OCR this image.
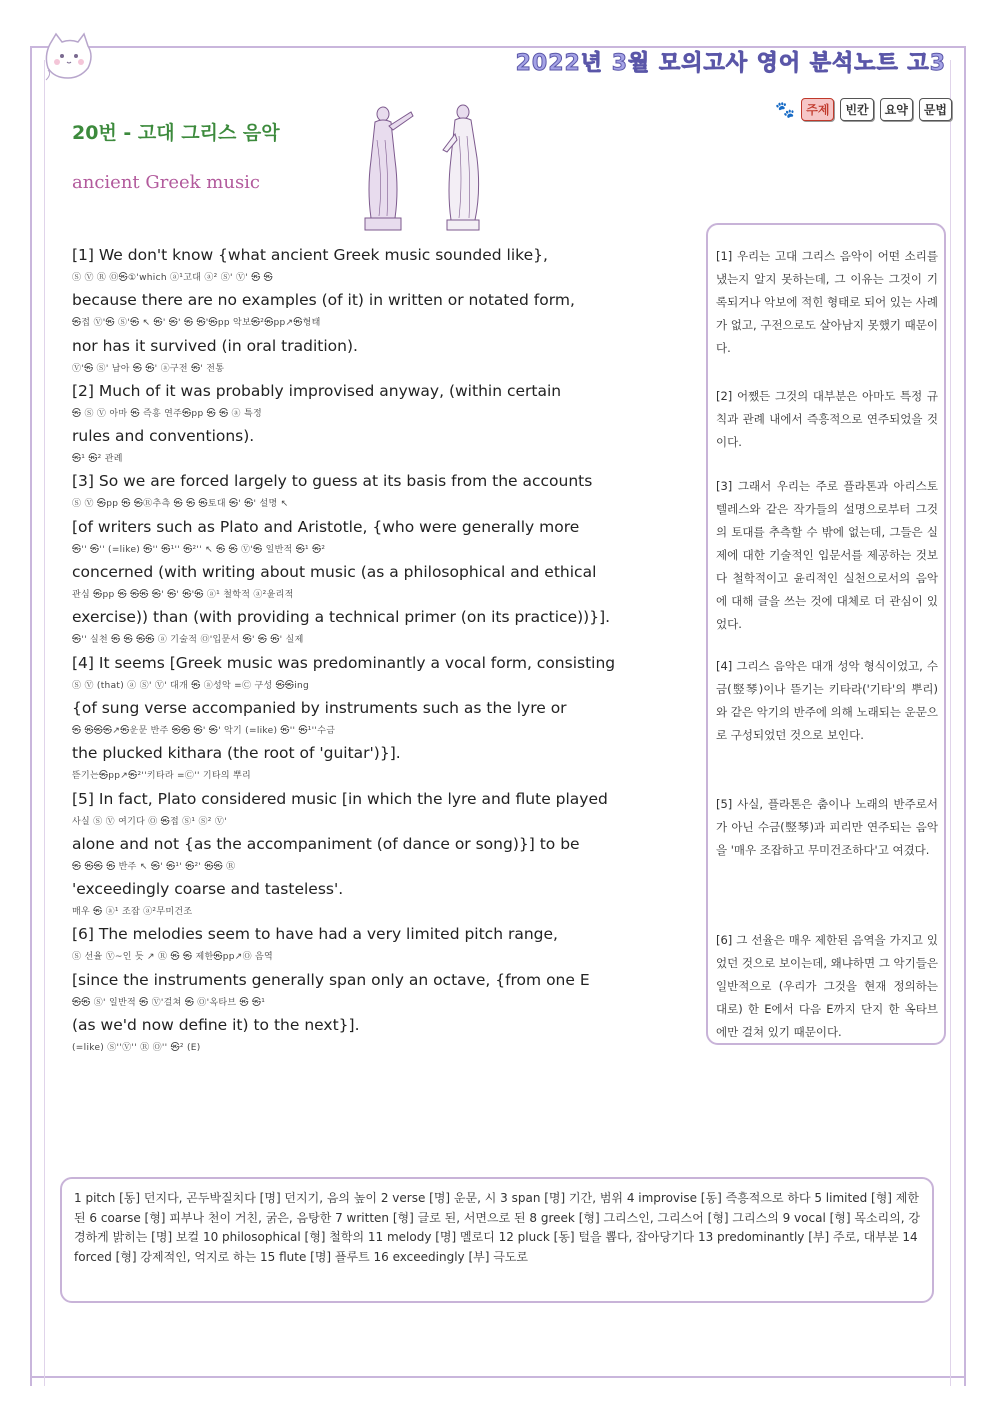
2022년 3월 모의고사 영어 분석노트 고3
🐾 주제	빈칸	요약	문법
20번 - 고대 그리스 음악
ancient Greek music
[1] We don't know {what ancient Greek music sounded like},
Ⓢ Ⓥ Ⓡ Ⓞ㉿①'which ⓐ¹고대 ⓐ² Ⓢ' Ⓥ' ㉿ ㉿
because there are no examples (of it) in written or notated form,
㉿접 Ⓥ'㉿ Ⓢ'㉿ ↖ ㉿' ㉿' ㉿ ㉿'㉿pp 악보㉿²㉿pp↗㉿형태
nor has it survived (in oral tradition).
Ⓥ'㉿ Ⓢ' 남아 ㉿ ㉿' ⓐ구전 ㉿' 전통
[2] Much of it was probably improvised anyway, (within certain
㉿ Ⓢ Ⓥ 아마 ㉿ 즉흥 연주㉿pp ㉿ ㉿ ⓐ 특정
rules and conventions).
㉿¹ ㉿² 관례
[3] So we are forced largely to guess at its basis from the accounts
Ⓢ Ⓥ ㉿pp ㉿ ㉿Ⓡ추측 ㉿ ㉿ ㉿토대 ㉿' ㉿' 설명 ↖
[of writers such as Plato and Aristotle, {who were generally more
㉿'' ㉿'' (=like) ㉿'' ㉿¹'' ㉿²'' ↖ ㉿ ㉿ Ⓥ'㉿ 일반적 ㉿¹ ㉿²
concerned (with writing about music (as a philosophical and ethical
관심 ㉿pp ㉿ ㉿㉿ ㉿' ㉿' ㉿'㉿ ⓐ¹ 철학적 ⓐ²윤리적
exercise)) than (with providing a technical primer (on its practice))}].
㉿'' 실천 ㉿ ㉿ ㉿㉿ ⓐ 기술적 Ⓞ'입문서 ㉿' ㉿ ㉿' 실제
[4] It seems [Greek music was predominantly a vocal form, consisting
Ⓢ Ⓥ (that) ⓐ Ⓢ' Ⓥ' 대개 ㉿ ⓐ성악 =Ⓒ 구성 ㉿㉿ing
{of sung verse accompanied by instruments such as the lyre or
㉿ ㉿㉿㉿↗㉿운문 반주 ㉿㉿ ㉿' ㉿' 악기 (=like) ㉿'' ㉿¹''수금
the plucked kithara (the root of 'guitar')}].
뜯기는㉿pp↗㉿²''키타라 =Ⓒ'' 기타의 뿌리
[5] In fact, Plato considered music [in which the lyre and flute played
사실 Ⓢ Ⓥ 여기다 Ⓞ ㉿접 Ⓢ¹ Ⓢ² Ⓥ'
alone and not {as the accompaniment (of dance or song)}] to be
㉿ ㉿㉿ ㉿ 반주 ↖ ㉿' ㉿¹' ㉿²' ㉿㉿ Ⓡ
'exceedingly coarse and tasteless'.
매우 ㉿ ⓐ¹ 조잡 ⓐ²무미건조
[6] The melodies seem to have had a very limited pitch range,
Ⓢ 선율 Ⓥ~인 듯 ↗ Ⓡ ㉿ ㉿ 제한㉿pp↗Ⓞ 음역
[since the instruments generally span only an octave, {from one E
㉿㉿ Ⓢ' 일반적 ㉿ Ⓥ'걸쳐 ㉿ Ⓞ'옥타브 ㉿ ㉿¹
(as we'd now define it) to the next}].
(=like) Ⓢ''Ⓥ'' Ⓡ Ⓞ'' ㉿² (E)
[1] 우리는 고대 그리스 음악이 어떤 소리를 냈는지 알지 못하는데, 그 이유는 그것이 기록되거나 악보에 적힌 형태로 되어 있는 사례가 없고, 구전으로도 살아남지 못했기 때문이다.
[2] 어쨌든 그것의 대부분은 아마도 특정 규칙과 관례 내에서 즉흥적으로 연주되었을 것이다.
[3] 그래서 우리는 주로 플라톤과 아리스토텔레스와 같은 작가들의 설명으로부터 그것의 토대를 추측할 수 밖에 없는데, 그들은 실제에 대한 기술적인 입문서를 제공하는 것보다 철학적이고 윤리적인 실천으로서의 음악에 대해 글을 쓰는 것에 대체로 더 관심이 있었다.
[4] 그리스 음악은 대개 성악 형식이었고, 수금(竪琴)이나 뜯기는 키타라('기타'의 뿌리)와 같은 악기의 반주에 의해 노래되는 운문으로 구성되었던 것으로 보인다.
[5] 사실, 플라톤은 춤이나 노래의 반주로서가 아닌 수금(竪琴)과 피리만 연주되는 음악을 '매우 조잡하고 무미건조하다'고 여겼다.
[6] 그 선율은 매우 제한된 음역을 가지고 있었던 것으로 보이는데, 왜냐하면 그 악기들은 일반적으로 (우리가 그것을 현재 정의하는 대로) 한 E에서 다음 E까지 단지 한 옥타브에만 걸쳐 있기 때문이다.
1 pitch [동] 던지다, 곤두박질치다 [명] 던지기, 음의 높이 2 verse [명] 운문, 시 3 span [명] 기간, 범위 4 improvise [동] 즉흥적으로 하다 5 limited [형] 제한된 6 coarse [형] 피부나 천이 거친, 굵은, 음탕한 7 written [형] 글로 된, 서면으로 된 8 greek [형] 그리스인, 그리스어 [형] 그리스의 9 vocal [형] 목소리의, 강경하게 밝히는 [명] 보컬 10 philosophical [형] 철학의 11 melody [명] 멜로디 12 pluck [동] 털을 뽑다, 잡아당기다 13 predominantly [부] 주로, 대부분 14 forced [형] 강제적인, 억지로 하는 15 flute [명] 플루트 16 exceedingly [부] 극도로
